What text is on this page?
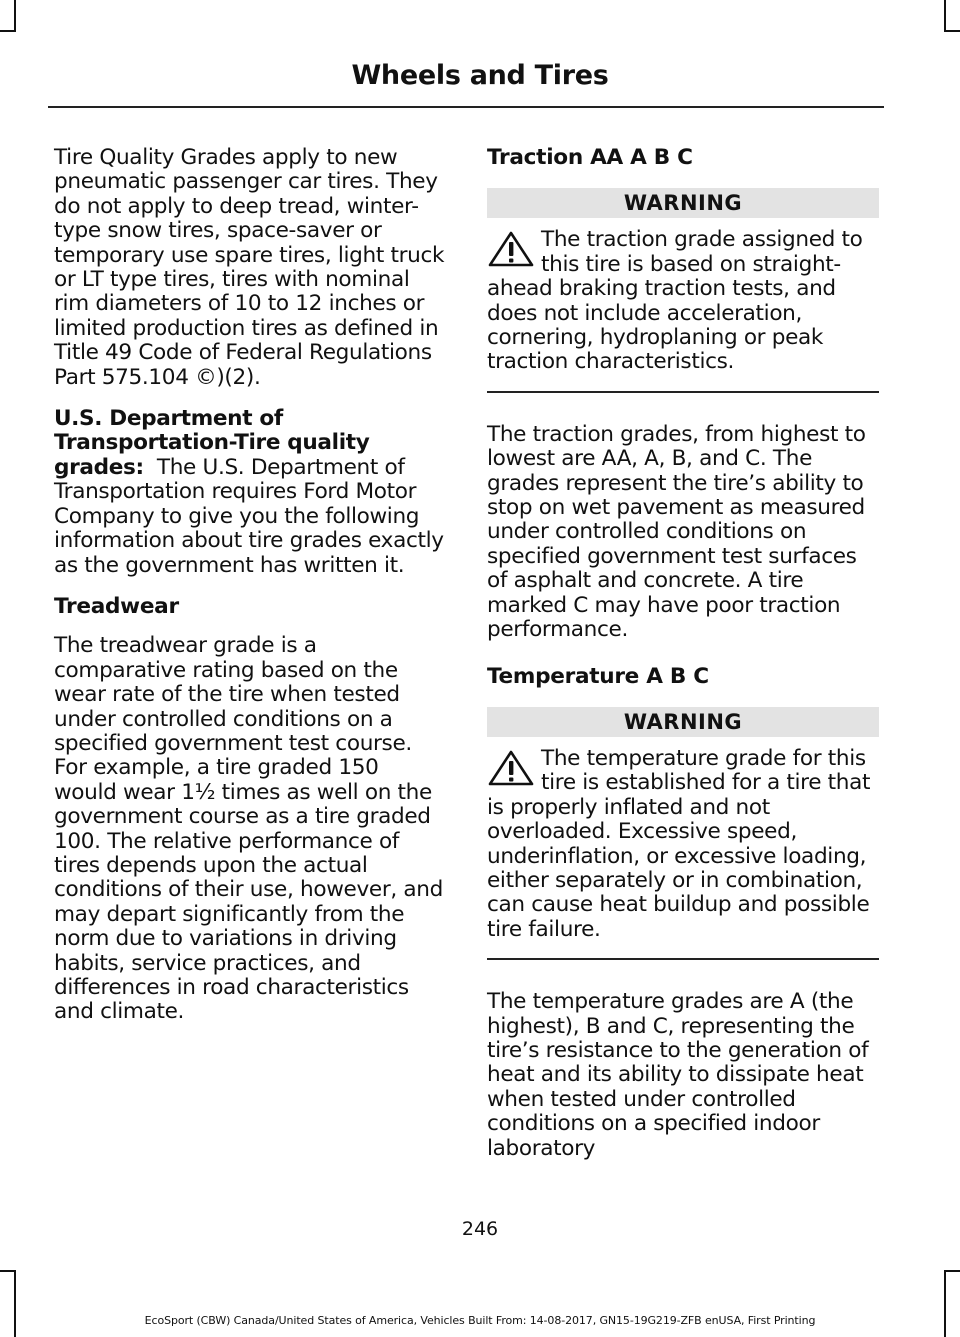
Wheels and Tires

Tire Quality Grades apply to new pneumatic passenger car tires. They do not apply to deep tread, winter-type snow tires, space-saver or temporary use spare tires, light truck or LT type tires, tires with nominal rim diameters of 10 to 12 inches or limited production tires as defined in Title 49 Code of Federal Regulations Part 575.104 ©)(2).

U.S. Department of Transportation-Tire quality grades: The U.S. Department of Transportation requires Ford Motor Company to give you the following information about tire grades exactly as the government has written it.

Treadwear

The treadwear grade is a comparative rating based on the wear rate of the tire when tested under controlled conditions on a specified government test course. For example, a tire graded 150 would wear 1½ times as well on the government course as a tire graded 100. The relative performance of tires depends upon the actual conditions of their use, however, and may depart significantly from the norm due to variations in driving habits, service practices, and differences in road characteristics and climate.

Traction AA A B C
WARNING
The traction grade assigned to this tire is based on straight-ahead braking traction tests, and does not include acceleration, cornering, hydroplaning or peak traction characteristics.

The traction grades, from highest to lowest are AA, A, B, and C. The grades represent the tire’s ability to stop on wet pavement as measured under controlled conditions on specified government test surfaces of asphalt and concrete. A tire marked C may have poor traction performance.

Temperature A B C
WARNING
The temperature grade for this tire is established for a tire that is properly inflated and not overloaded. Excessive speed, underinflation, or excessive loading, either separately or in combination, can cause heat buildup and possible tire failure.

The temperature grades are A (the highest), B and C, representing the tire’s resistance to the generation of heat and its ability to dissipate heat when tested under controlled conditions on a specified indoor laboratory

246
EcoSport (CBW) Canada/United States of America, Vehicles Built From: 14-08-2017, GN15-19G219-ZFB enUSA, First Printing
